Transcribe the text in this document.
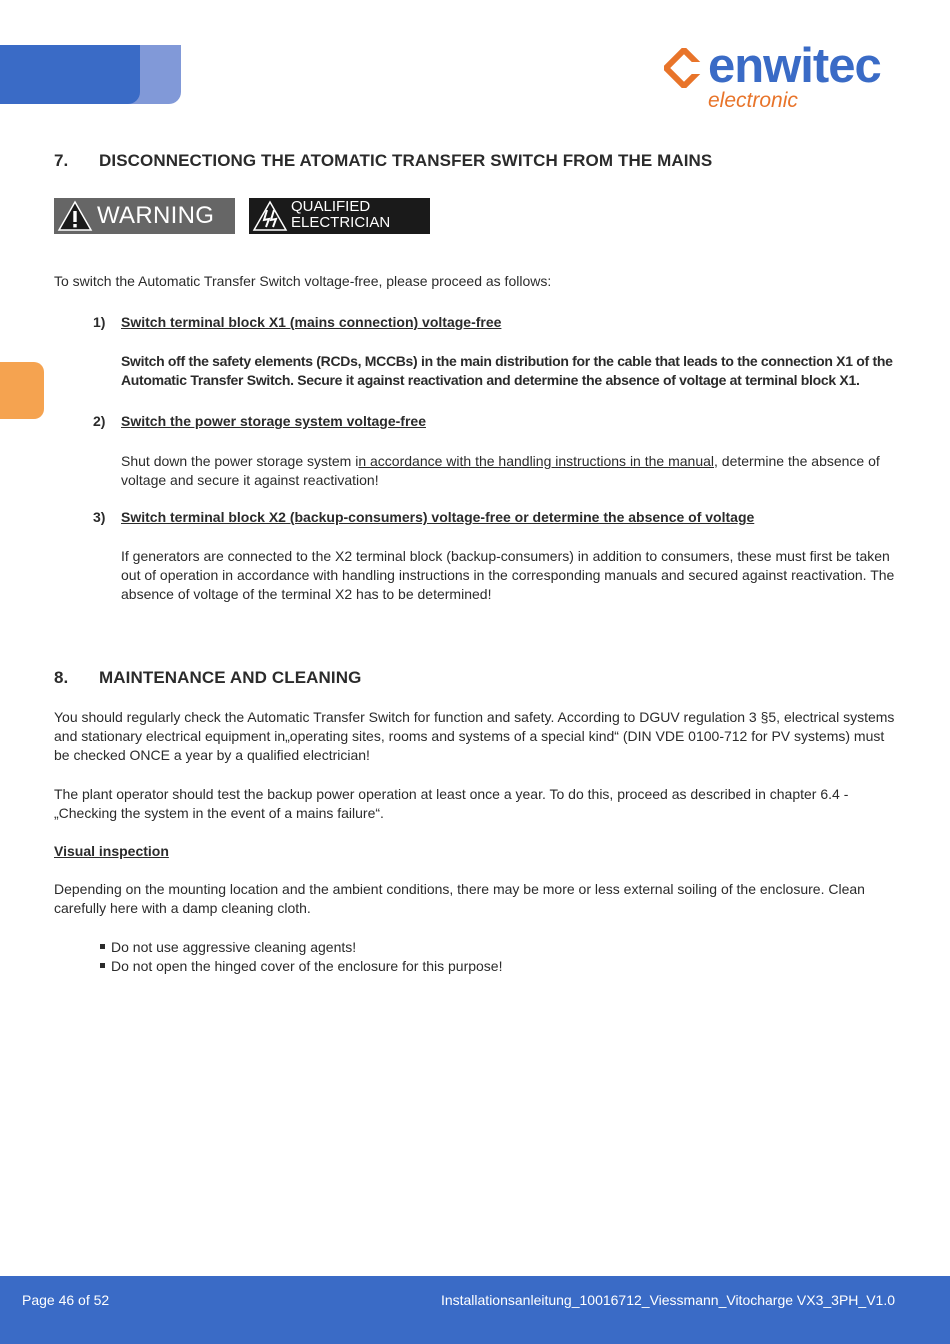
enwitec
electronic
7. DISCONNECTIONG THE ATOMATIC TRANSFER SWITCH FROM THE MAINS
WARNING	QUALIFIED
ELECTRICIAN
To switch the Automatic Transfer Switch voltage-free, please proceed as follows:
1) Switch terminal block X1 (mains connection) voltage-free
Switch off the safety elements (RCDs, MCCBs) in the main distribution for the cable that leads to the connection X1 of the Automatic Transfer Switch. Secure it against reactivation and determine the absence of voltage at terminal block X1.
2) Switch the power storage system voltage-free
Shut down the power storage system in accordance with the handling instructions in the manual, determine the absence of voltage and secure it against reactivation!
3) Switch terminal block X2 (backup-consumers) voltage-free or determine the absence of voltage
If generators are connected to the X2 terminal block (backup-consumers) in addition to consumers, these must first be taken out of operation in accordance with handling instructions in the corresponding manuals and secured against reactivation. The absence of voltage of the terminal X2 has to be determined!
8. MAINTENANCE AND CLEANING
You should regularly check the Automatic Transfer Switch for function and safety. According to DGUV regulation 3 §5, electrical systems and stationary electrical equipment in„operating sites, rooms and systems of a special kind“ (DIN VDE 0100-712 for PV systems) must be checked ONCE a year by a qualified electrician!
The plant operator should test the backup power operation at least once a year. To do this, proceed as described in chapter 6.4 - „Checking the system in the event of a mains failure“.
Visual inspection
Depending on the mounting location and the ambient conditions, there may be more or less external soiling of the enclosure. Clean carefully here with a damp cleaning cloth.
Do not use aggressive cleaning agents!
Do not open the hinged cover of the enclosure for this purpose!
Page 46 of 52	Installationsanleitung_10016712_Viessmann_Vitocharge VX3_3PH_V1.0
